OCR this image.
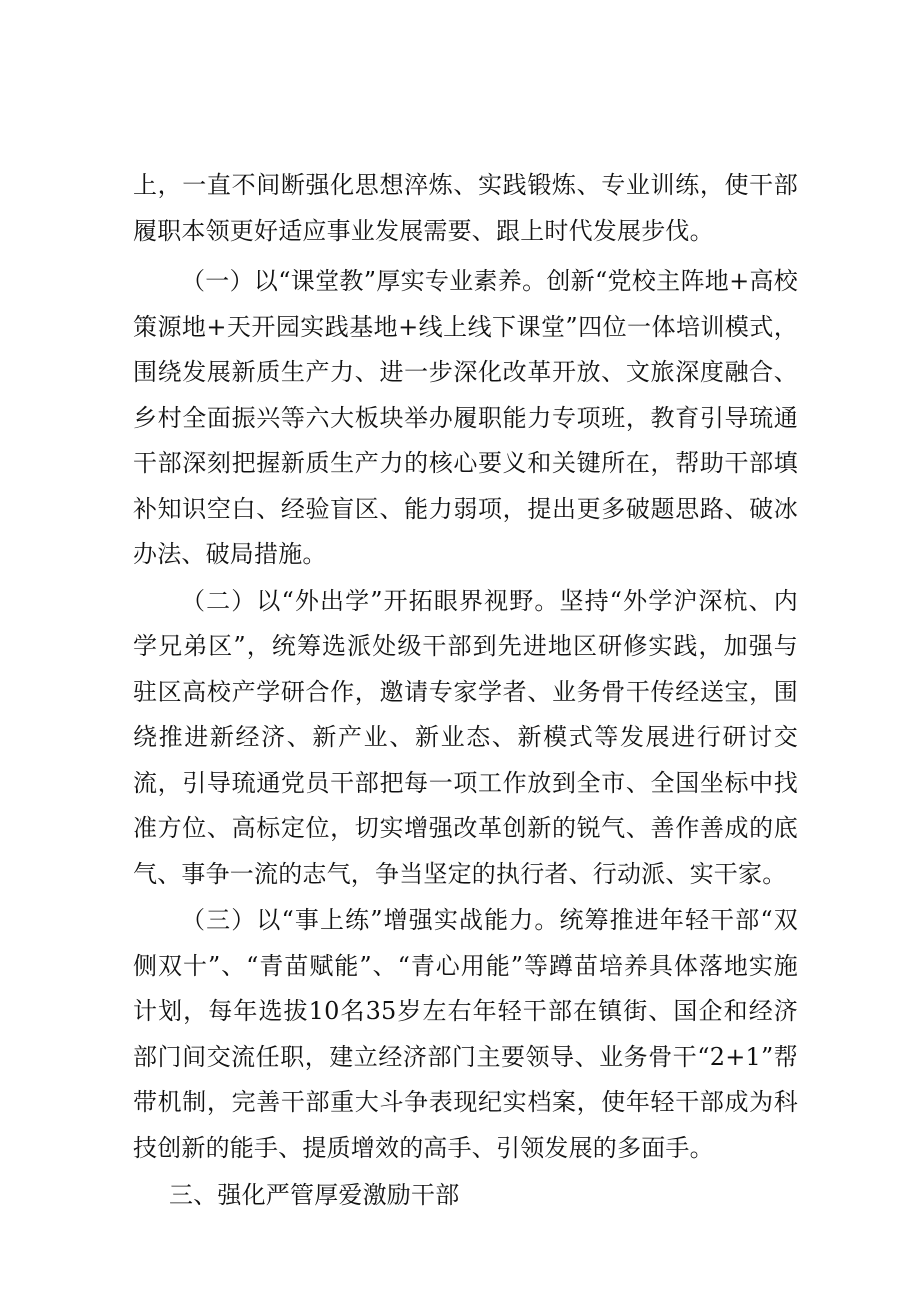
上，一直不间断强化思想淬炼、实践锻炼、专业训练，使干部履职本领更好适应事业发展需要、跟上时代发展步伐。

（一）以“课堂教”厚实专业素养。创新“党校主阵地+高校策源地+天开园实践基地+线上线下课堂”四位一体培训模式，围绕发展新质生产力、进一步深化改革开放、文旅深度融合、乡村全面振兴等六大板块举办履职能力专项班，教育引导琉通干部深刻把握新质生产力的核心要义和关键所在，帮助干部填补知识空白、经验盲区、能力弱项，提出更多破题思路、破冰办法、破局措施。

（二）以“外出学”开拓眼界视野。坚持“外学沪深杭、内学兄弟区”，统筹选派处级干部到先进地区研修实践，加强与驻区高校产学研合作，邀请专家学者、业务骨干传经送宝，围绕推进新经济、新产业、新业态、新模式等发展进行研讨交流，引导琉通党员干部把每一项工作放到全市、全国坐标中找准方位、高标定位，切实增强改革创新的锐气、善作善成的底气、事争一流的志气，争当坚定的执行者、行动派、实干家。

（三）以“事上练”增强实战能力。统筹推进年轻干部“双侧双十”、“青苗赋能”、“青心用能”等蹲苗培养具体落地实施计划，每年选拔10名35岁左右年轻干部在镇街、国企和经济部门间交流任职，建立经济部门主要领导、业务骨干“2+1”帮带机制，完善干部重大斗争表现纪实档案，使年轻干部成为科技创新的能手、提质增效的高手、引领发展的多面手。

三、强化严管厚爱激励干部
